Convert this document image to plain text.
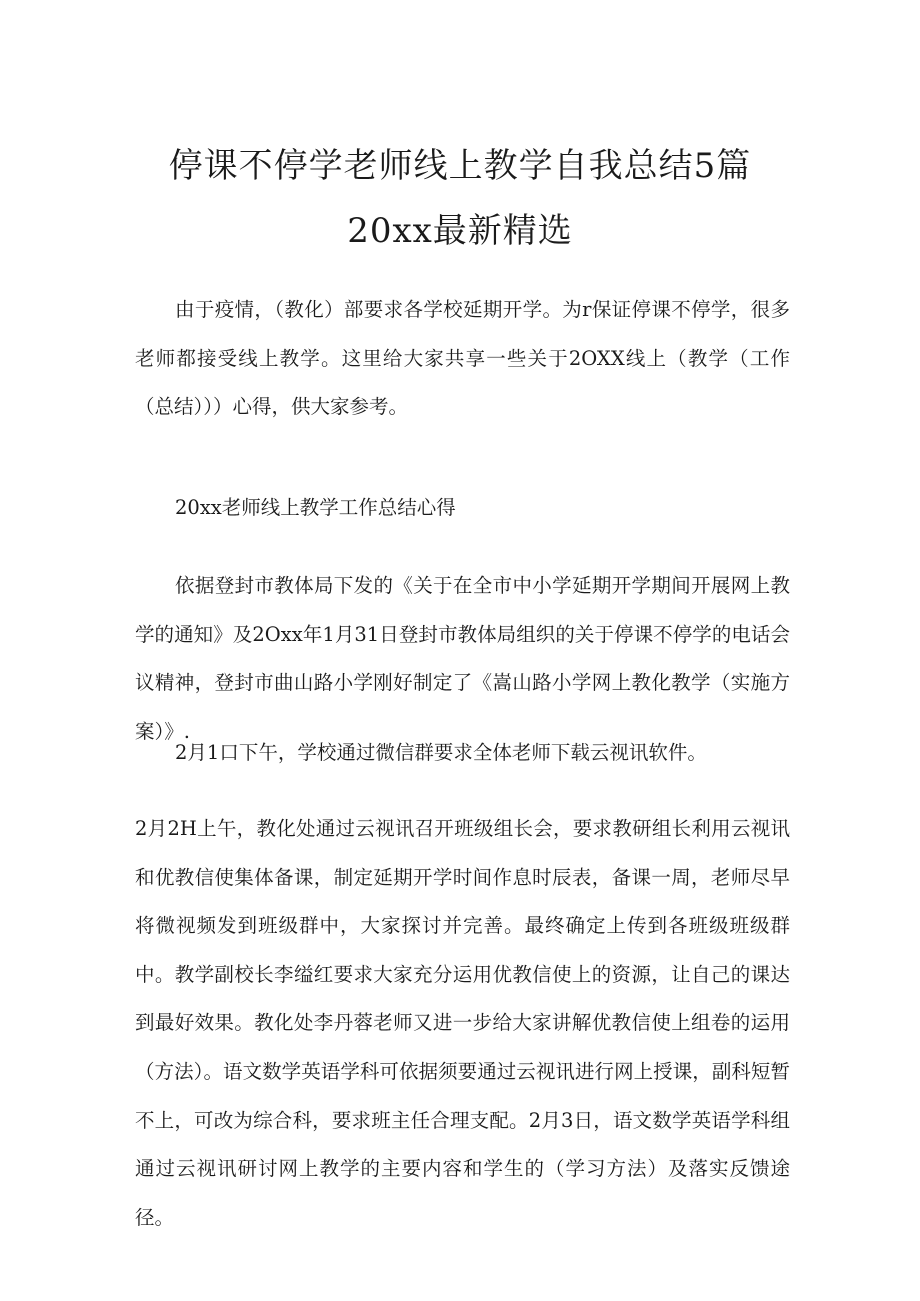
停课不停学老师线上教学自我总结5篇
20xx最新精选

由于疫情，（教化）部要求各学校延期开学。为r保证停课不停学，很多老师都接受线上教学。这里给大家共享一些关于2OXX线上（教学（工作（总结）））心得，供大家参考。

20xx老师线上教学工作总结心得

依据登封市教体局下发的《关于在全市中小学延期开学期间开展网上教学的通知》及2Oxx年1月31日登封市教体局组织的关于停课不停学的电话会议精神，登封市曲山路小学刚好制定了《嵩山路小学网上教化教学（实施方案）》.

2月1口下午，学校通过微信群要求全体老师下载云视讯软件。

2月2H上午，教化处通过云视讯召开班级组长会，要求教研组长利用云视讯和优教信使集体备课，制定延期开学时间作息时辰表，备课一周，老师尽早将微视频发到班级群中，大家探讨并完善。最终确定上传到各班级班级群中。教学副校长李缢红要求大家充分运用优教信使上的资源，让自己的课达到最好效果。教化处李丹蓉老师又进一步给大家讲解优教信使上组卷的运用（方法）。语文数学英语学科可依据须要通过云视讯进行网上授课，副科短暂不上，可改为综合科，要求班主任合理支配。2月3日，语文数学英语学科组通过云视讯研讨网上教学的主要内容和学生的（学习方法）及落实反馈途径。
